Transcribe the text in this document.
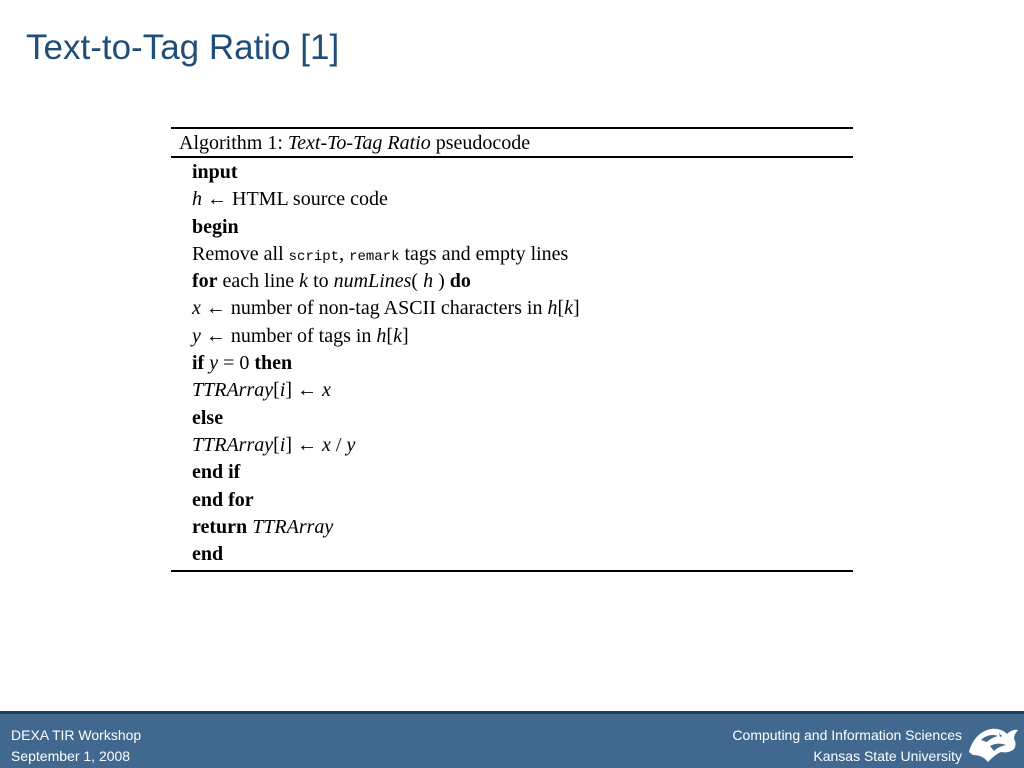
Text-to-Tag Ratio [1]
Algorithm 1: Text-To-Tag Ratio pseudocode
input
h ← HTML source code
begin
Remove all script, remark tags and empty lines
for each line k to numLines( h ) do
x ← number of non-tag ASCII characters in h[k]
y ← number of tags in h[k]
if y = 0 then
TTRArray[i] ← x
else
TTRArray[i] ← x / y
end if
end for
return TTRArray
end
DEXA TIR Workshop
September 1, 2008
Computing and Information Sciences
Kansas State University
